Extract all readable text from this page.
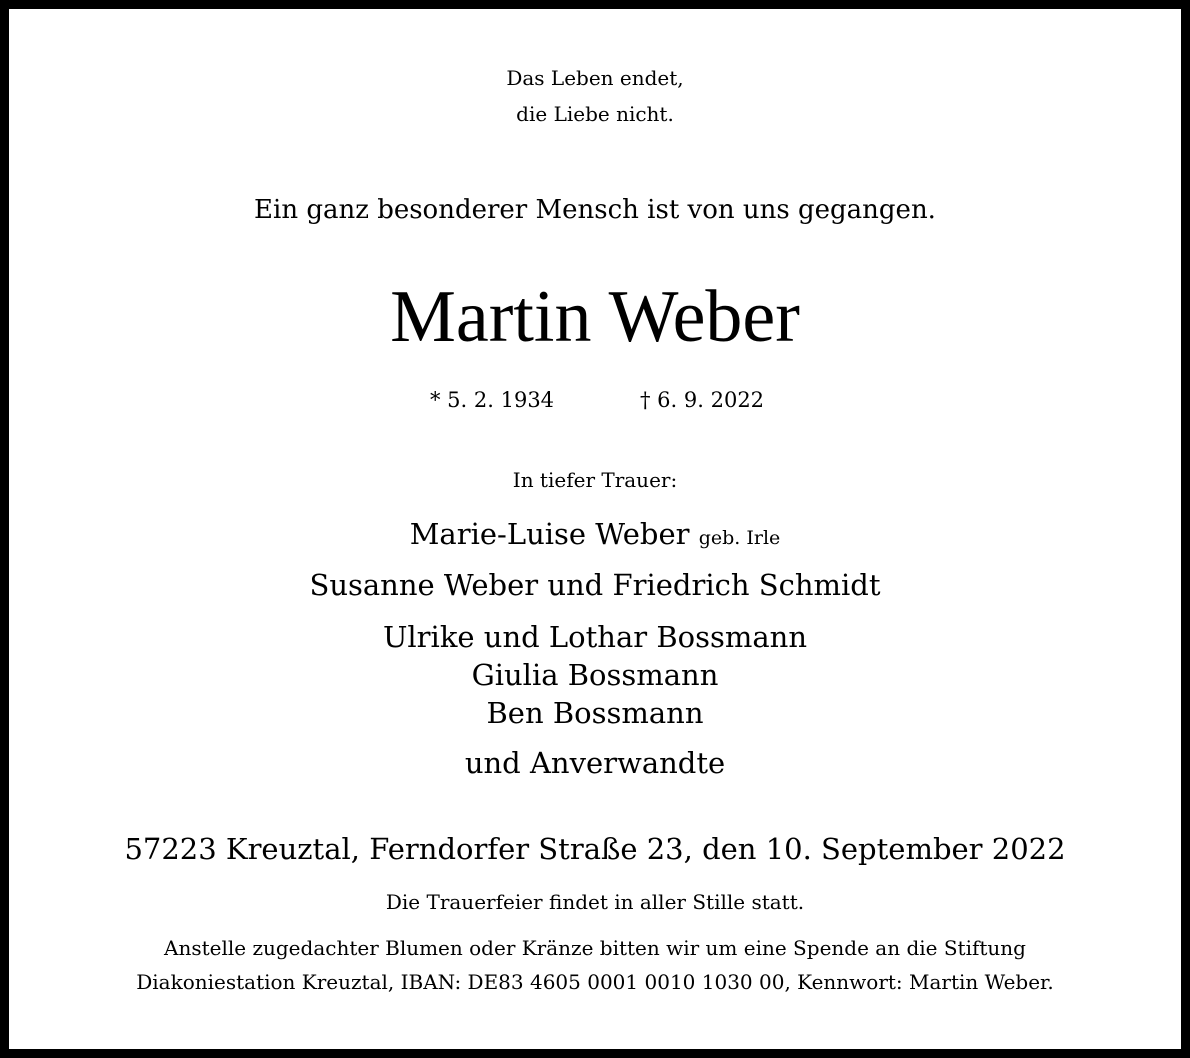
Das Leben endet,
die Liebe nicht.
Ein ganz besonderer Mensch ist von uns gegangen.
Martin Weber
* 5. 2. 1934	† 6. 9. 2022
In tiefer Trauer:
Marie-Luise Weber geb. Irle
Susanne Weber und Friedrich Schmidt
Ulrike und Lothar Bossmann
Giulia Bossmann
Ben Bossmann
und Anverwandte
57223 Kreuztal, Ferndorfer Straße 23, den 10. September 2022
Die Trauerfeier findet in aller Stille statt.
Anstelle zugedachter Blumen oder Kränze bitten wir um eine Spende an die Stiftung
Diakoniestation Kreuztal, IBAN: DE83 4605 0001 0010 1030 00, Kennwort: Martin Weber.
